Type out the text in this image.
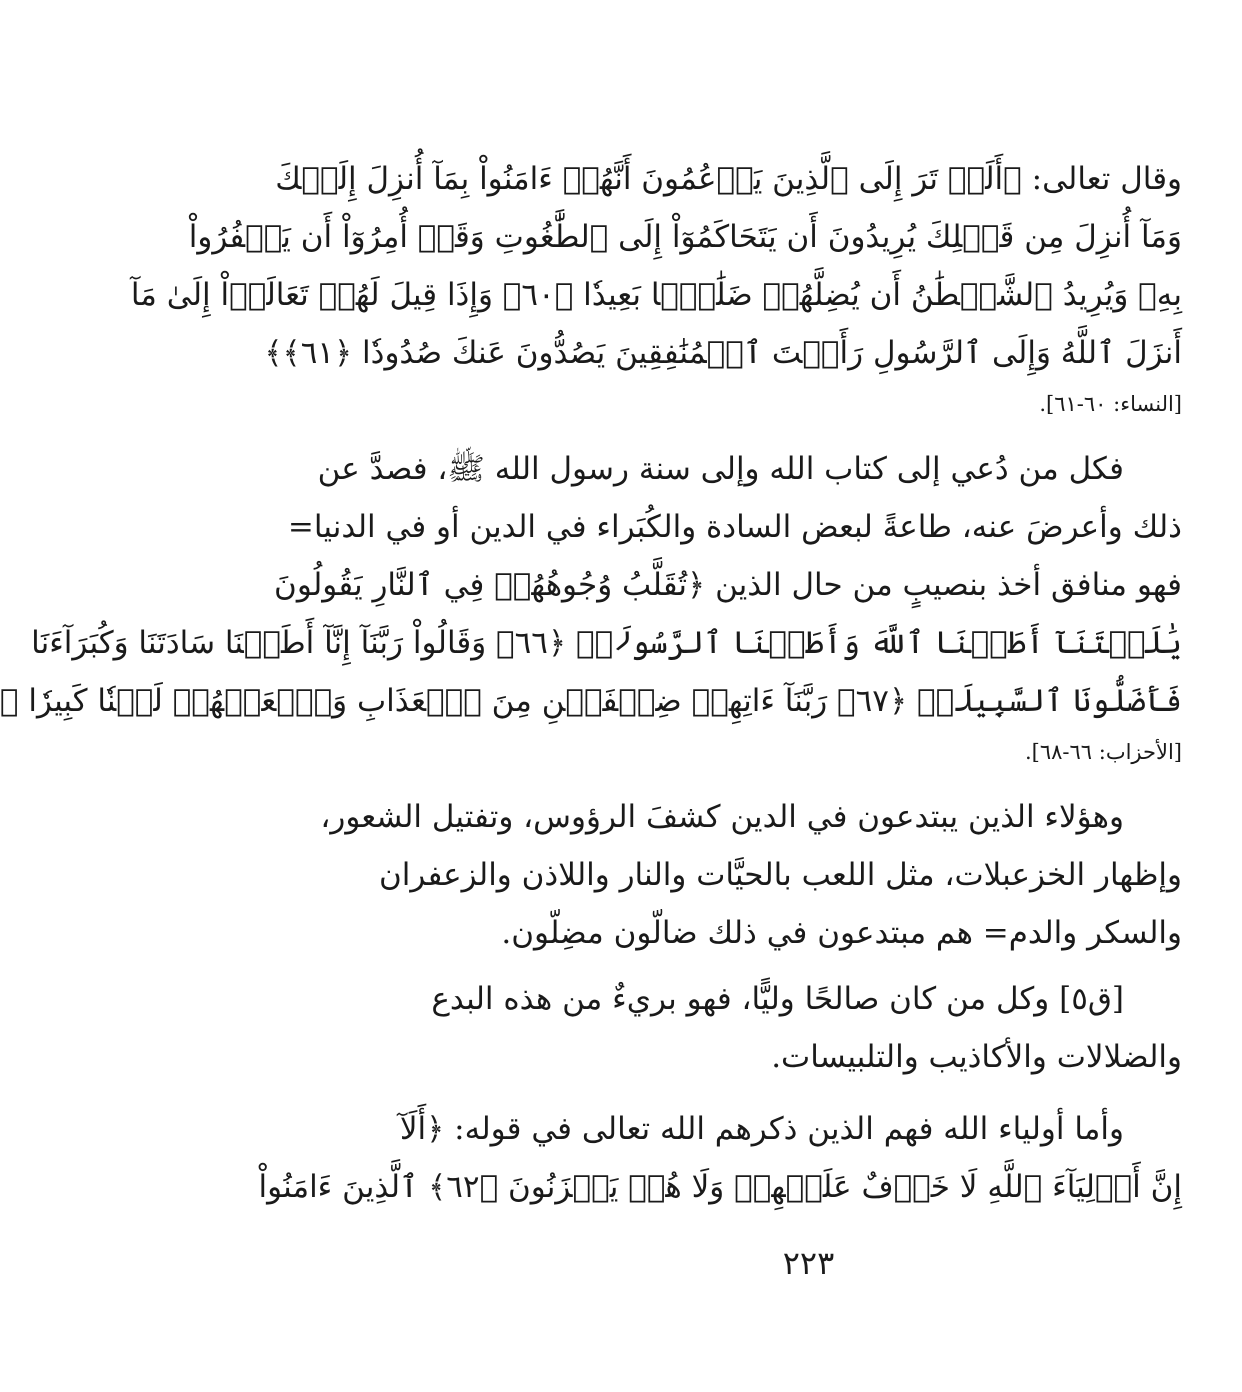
وقال تعالى: ﴿أَلَمۡ تَرَ إِلَى ٱلَّذِينَ يَزۡعُمُونَ أَنَّهُمۡ ءَامَنُواْ بِمَآ أُنزِلَ إِلَيۡكَ
وَمَآ أُنزِلَ مِن قَبۡلِكَ يُرِيدُونَ أَن يَتَحَاكَمُوٓاْ إِلَى ٱلطَّٰغُوتِ وَقَدۡ أُمِرُوٓاْ أَن يَكۡفُرُواْ
بِهِۦ وَيُرِيدُ ٱلشَّيۡطَٰنُ أَن يُضِلَّهُمۡ ضَلَٰلَۢا بَعِيدٗا ﴿٦٠﴾ وَإِذَا قِيلَ لَهُمۡ تَعَالَوۡاْ إِلَىٰ مَآ
أَنزَلَ ٱللَّهُ وَإِلَى ٱلرَّسُولِ رَأَيۡتَ ٱلۡمُنَٰفِقِينَ يَصُدُّونَ عَنكَ صُدُودٗا ﴿٦١﴾﴾
[النساء: ٦٠-٦١].
فكل من دُعي إلى كتاب الله وإلى سنة رسول الله ﷺ، فصدَّ عن
ذلك وأعرضَ عنه، طاعةً لبعض السادة والكُبَراء في الدين أو في الدنيا=
فهو منافق أخذ بنصيبٍ من حال الذين ﴿تُقَلَّبُ وُجُوهُهُمۡ فِي ٱلنَّارِ يَقُولُونَ
يَٰلَيۡتَنَآ أَطَعۡنَا ٱللَّهَ وَأَطَعۡنَا ٱلرَّسُولَا۠ ﴿٦٦﴾ وَقَالُواْ رَبَّنَآ إِنَّآ أَطَعۡنَا سَادَتَنَا وَكُبَرَآءَنَا
فَأَضَلُّونَا ٱلسَّبِيلَا۠ ﴿٦٧﴾ رَبَّنَآ ءَاتِهِمۡ ضِعۡفَيۡنِ مِنَ ٱلۡعَذَابِ وَٱلۡعَنۡهُمۡ لَعۡنٗا كَبِيرٗا ﴿
[الأحزاب: ٦٦-٦٨].
وهؤلاء الذين يبتدعون في الدين كشفَ الرؤوس، وتفتيل الشعور،
وإظهار الخزعبلات، مثل اللعب بالحيَّات والنار واللاذن والزعفران
والسكر والدم= هم مبتدعون في ذلك ضالّون مضِلّون.
[ق٥] وكل من كان صالحًا وليًّا، فهو بريءٌ من هذه البدع
والضلالات والأكاذيب والتلبيسات.
وأما أولياء الله فهم الذين ذكرهم الله تعالى في قوله: ﴿أَلَآ
إِنَّ أَوۡلِيَآءَ ٱللَّهِ لَا خَوۡفٌ عَلَيۡهِمۡ وَلَا هُمۡ يَحۡزَنُونَ ﴿٦٢﴾ ٱلَّذِينَ ءَامَنُواْ
٢٢٣
